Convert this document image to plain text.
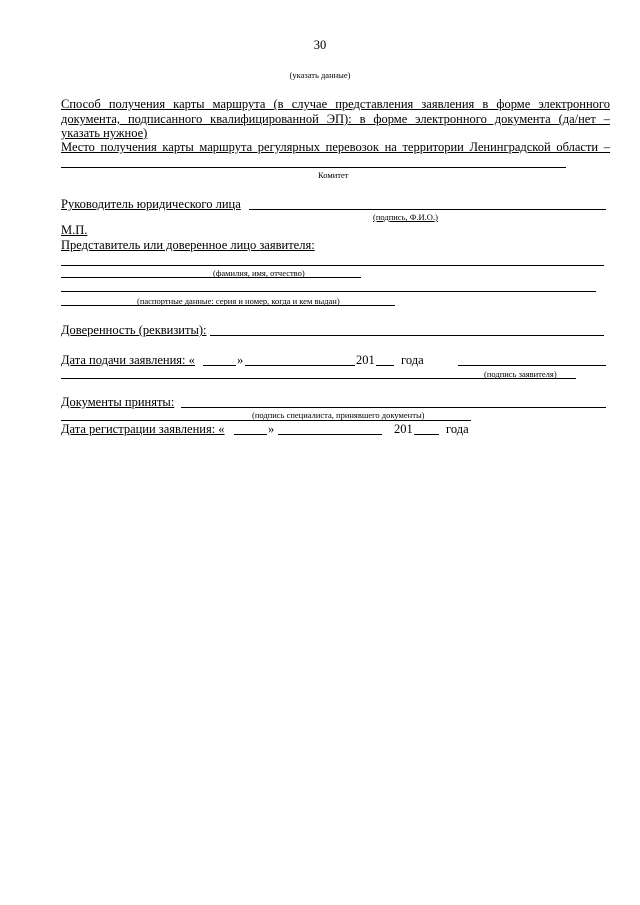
30
(указать данные)
Способ получения карты маршрута (в случае представления заявления в форме электронного
документа, подписанного квалифицированной ЭП): в форме электронного документа (да/нет –
указать нужное)
Место получения карты маршрута регулярных перевозок на территории Ленинградской области –
Комитет
Руководитель юридического лица
(подпись, Ф.И.О.)
М.П.
Представитель или доверенное лицо заявителя:
(фамилия, имя, отчество)
(паспортные данные: серия и номер, когда и кем выдан)
Доверенность (реквизиты):
Дата подачи заявления: «	»	201 года
(подпись заявителя)
Документы приняты:
(подпись специалиста, принявшего документы)
Дата регистрации заявления: «	»	201	года
